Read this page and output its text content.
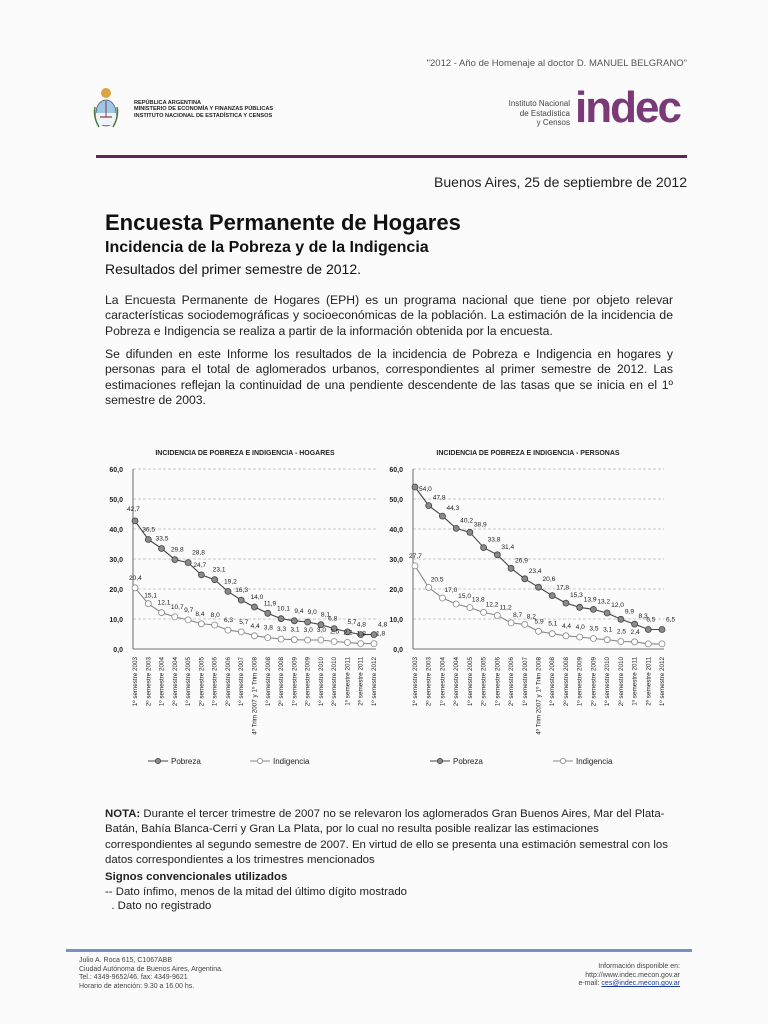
"2012 - Año de Homenaje al doctor D. MANUEL BELGRANO"
REPÚBLICA ARGENTINA
MINISTERIO DE ECONOMÍA Y FINANZAS PÚBLICAS
INSTITUTO NACIONAL DE ESTADÍSTICA Y CENSOS
Instituto Nacional
de Estadística
y Censos indec
Buenos Aires, 25 de septiembre de 2012
Encuesta Permanente de Hogares
Incidencia de la Pobreza y de la Indigencia
Resultados del primer semestre de 2012.
La Encuesta Permanente de Hogares (EPH) es un programa nacional que tiene por objeto relevar características sociodemográficas y socioeconómicas de la población. La estimación de la incidencia de Pobreza e Indigencia se realiza a partir de la información obtenida por la encuesta.
Se difunden en este Informe los resultados de la incidencia de Pobreza e Indigencia en hogares y personas para el total de aglomerados urbanos, correspondientes al primer semestre de 2012. Las estimaciones reflejan la continuidad de una pendiente descendente de las tasas que se inicia en el 1º semestre de 2003.
INCIDENCIA DE POBREZA E INDIGENCIA - HOGARES
0,0
10,0
20,0
30,0
40,0
50,0
60,0
1º semestre 2003 2º semestre 2003 1º semestre 2004 2º semestre 2004 1º semestre 2005 2º semestre 2005 1º semestre 2006 2º semestre 2006 1º semestre 2007 4º Trim 2007 y 1º Trim 2008 1º semestre 2008 2º semestre 2008 1º semestre 2009 2º semestre 2009 1º semestre 2010 2º semestre 2010 1º semestre 2011 2º semestre 2011 1º semestre 2012
42,7
36,5
33,5
29,8 28,8
24,7
23,1
19,2
16,3
14,0
11,9
10,1 9,4 9,0 8,1
6,8 5,7 4,8 4,8
20,4
15,1
12,1
10,7 9,7
8,4 8,0
6,3 5,7
4,4 3,8 3,3 3,1 3,0 3,0 2,5 2,2 1,8 1,8
Pobreza	Indigencia
INCIDENCIA DE POBREZA E INDIGENCIA - PERSONAS
0,0
10,0
20,0
30,0
40,0
50,0
60,0
1º semestre 2003 2º semestre 2003 1º semestre 2004 2º semestre 2004 1º semestre 2005 2º semestre 2005 1º semestre 2006 2º semestre 2006 1º semestre 2007 4º Trim 2007 y 1º Trim 2008 1º semestre 2008 2º semestre 2008 1º semestre 2009 2º semestre 2009 1º semestre 2010 2º semestre 2010 1º semestre 2011 2º semestre 2011 1º semestre 2012
54,0
47,8
44,3
40,2
38,9
33,8
31,4
26,9
23,4
20,6
17,8
15,3
13,9 13,2
12,0
9,9
8,3
6,5 6,5
27,7
20,5
17,0
15,0
13,8
12,2 11,2
8,7 8,2
5,9 5,1 4,4 4,0 3,5 3,1 2,5 2,4
Pobreza	Indigencia
NOTA: Durante el tercer trimestre de 2007 no se relevaron los aglomerados Gran Buenos Aires, Mar del Plata-Batán, Bahía Blanca-Cerri y Gran La Plata, por lo cual no resulta posible realizar las estimaciones correspondientes al segundo semestre de 2007. En virtud de ello se presenta una estimación semestral con los datos correspondientes a los trimestres mencionados
Signos convencionales utilizados
-- Dato ínfimo, menos de la mitad del último dígito mostrado
. Dato no registrado
Julio A. Roca 615, C1067ABB
Ciudad Autónoma de Buenos Aires, Argentina.
Tel.: 4349-9652/46. fax: 4349-9621
Horario de atención: 9.30 a 16.00 hs.
Información disponible en:
http://www.indec.mecon.gov.ar
e-mail: ces@indec.mecon.gov.ar
